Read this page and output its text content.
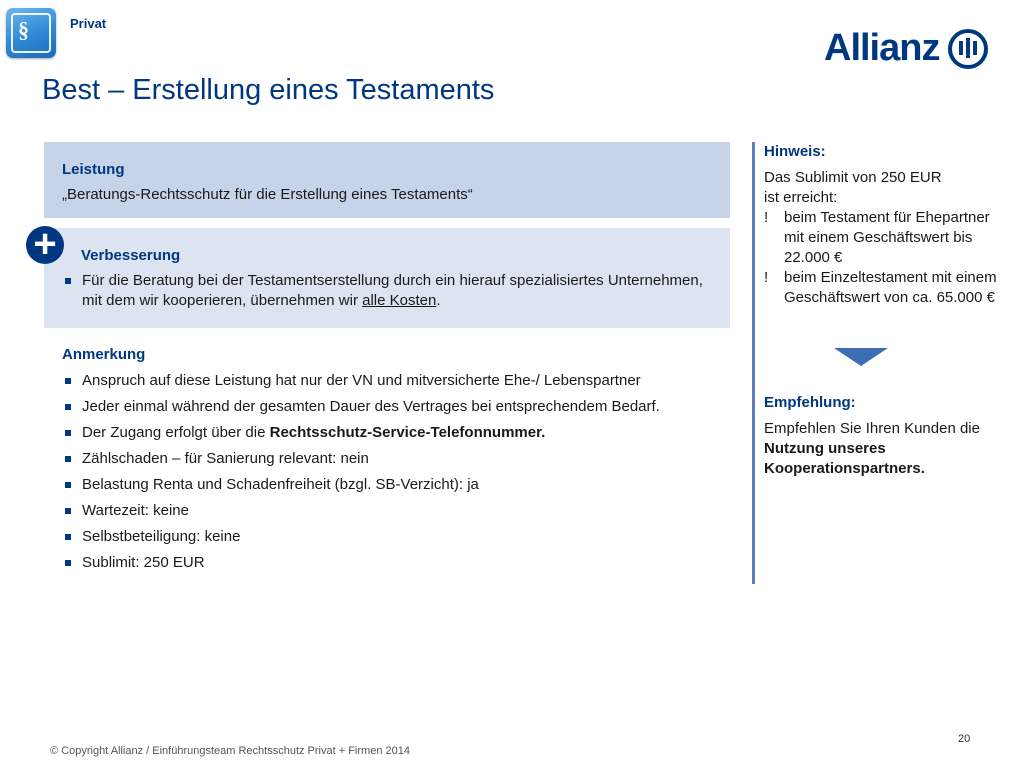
§	Privat
Allianz
Best – Erstellung eines Testaments
Leistung
„Beratungs-Rechtsschutz für die Erstellung eines Testaments“
Verbesserung
Für die Beratung bei der Testamentserstellung durch ein hierauf spezialisiertes Unternehmen, mit dem wir kooperieren, übernehmen wir alle Kosten.
+
Anmerkung
Anspruch auf diese Leistung hat nur der VN und mitversicherte Ehe-/ Lebenspartner
Jeder einmal während der gesamten Dauer des Vertrages bei entsprechendem Bedarf.
Der Zugang erfolgt über die Rechtsschutz-Service-Telefonnummer.
Zählschaden – für Sanierung relevant: nein
Belastung Renta und Schadenfreiheit (bzgl. SB-Verzicht): ja
Wartezeit: keine
Selbstbeteiligung: keine
Sublimit: 250 EUR
Hinweis:
Das Sublimit von 250 EUR
ist erreicht:
!	beim Testament für Ehepartner mit einem Geschäftswert bis 22.000 €
!	beim Einzeltestament mit einem Geschäftswert von ca. 65.000 €
Empfehlung:
Empfehlen Sie Ihren Kunden die Nutzung unseres Kooperationspartners.
© Copyright Allianz / Einführungsteam Rechtsschutz Privat + Firmen 2014
20
